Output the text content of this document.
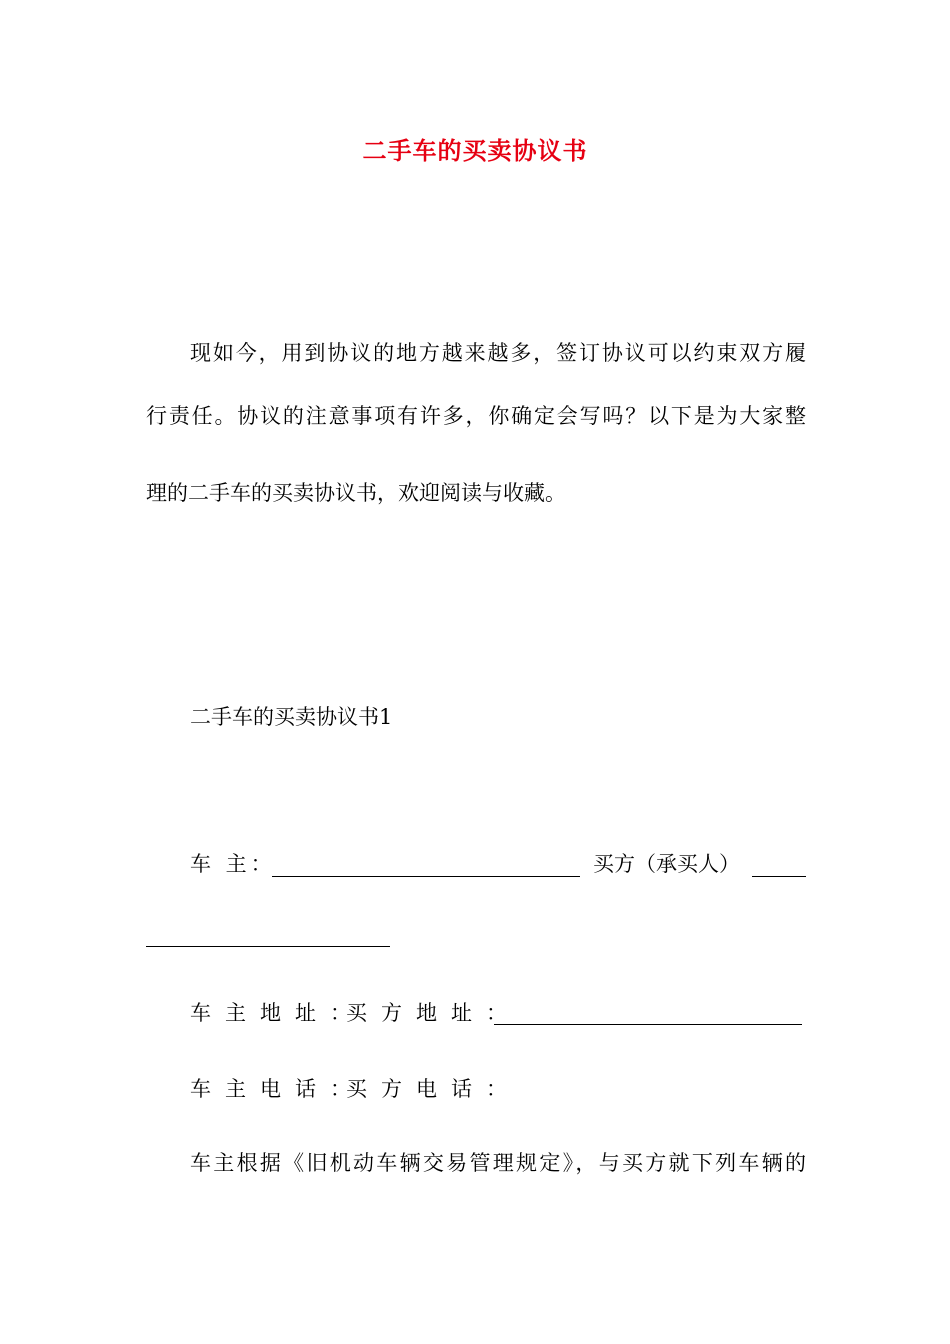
二手车的买卖协议书
现如今，用到协议的地方越来越多，签订协议可以约束双方履
行责任。协议的注意事项有许多，你确定会写吗？以下是为大家整
理的二手车的买卖协议书，欢迎阅读与收藏。
二手车的买卖协议书1
车 主：	买方（承买人）
车主地址：
买方地址：
车主电话：
买方电话：
车主根据《旧机动车辆交易管理规定》，与买方就下列车辆的
